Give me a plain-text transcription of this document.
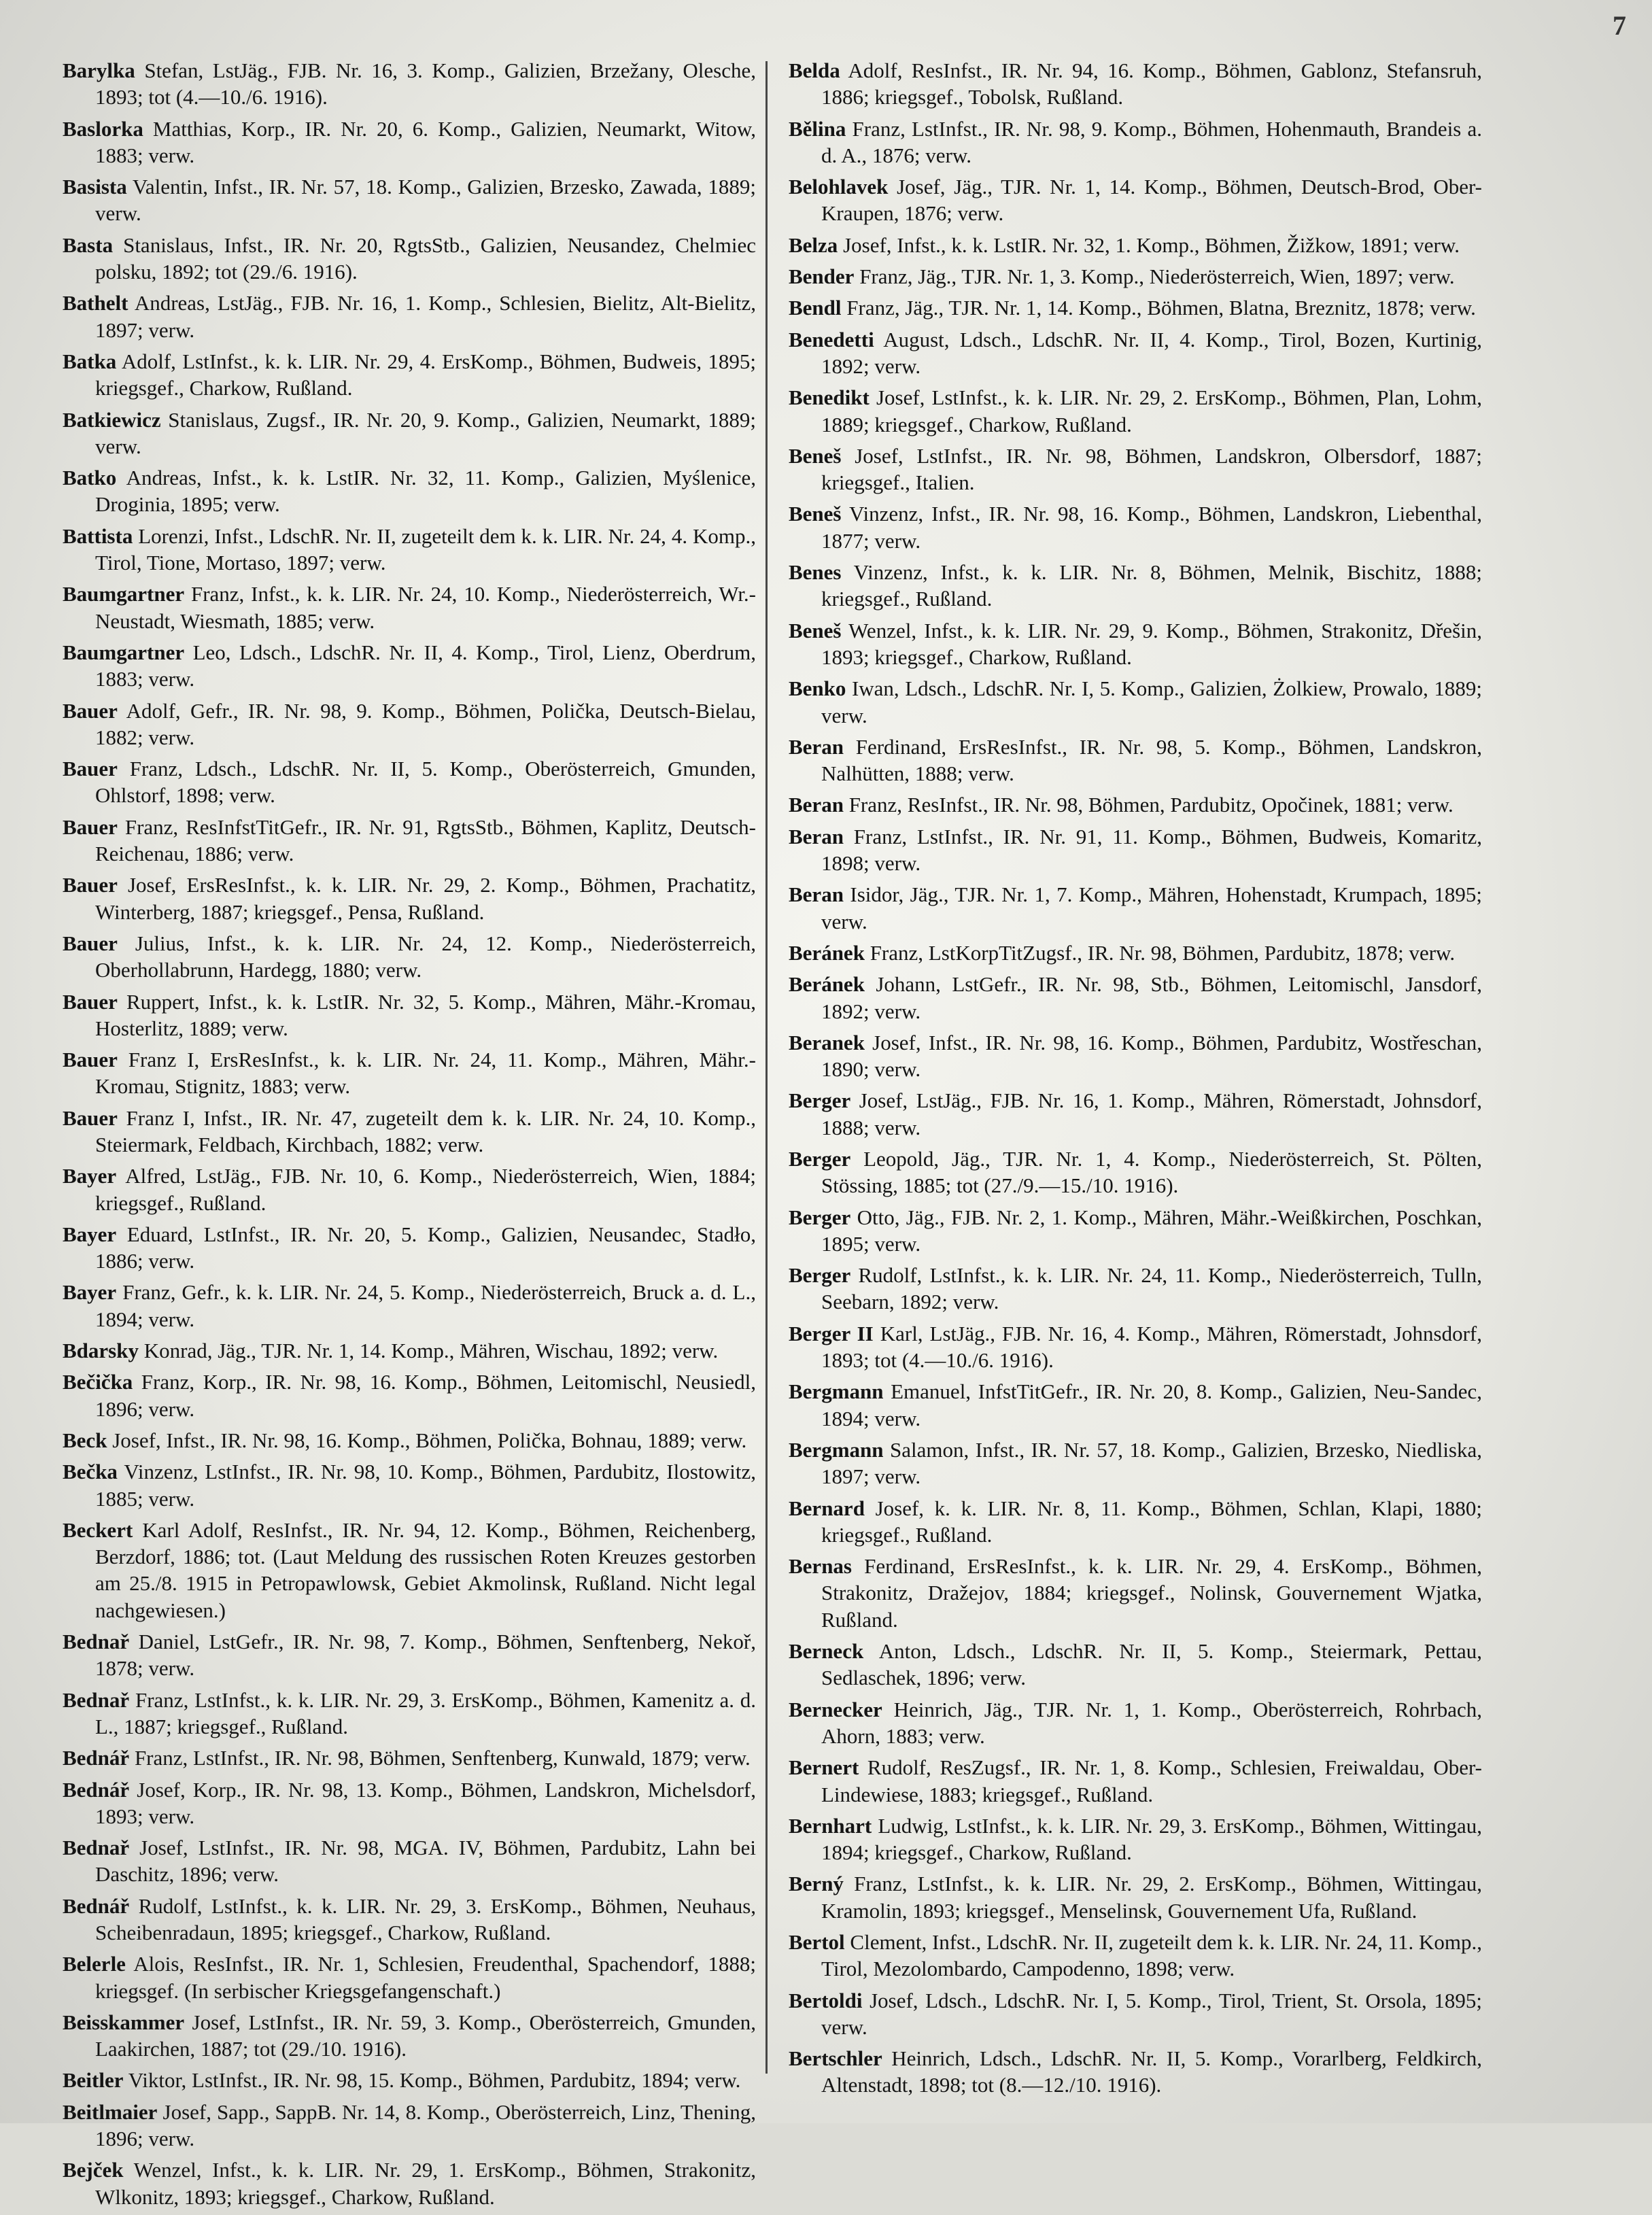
7
Barylka Stefan, LstJäg., FJB. Nr. 16, 3. Komp., Galizien, Brzežany, Olesche, 1893; tot (4.—10./6. 1916).
Baslorka Matthias, Korp., IR. Nr. 20, 6. Komp., Galizien, Neumarkt, Witow, 1883; verw.
Basista Valentin, Infst., IR. Nr. 57, 18. Komp., Galizien, Brzesko, Zawada, 1889; verw.
Basta Stanislaus, Infst., IR. Nr. 20, RgtsStb., Galizien, Neusandez, Chelmiec polsku, 1892; tot (29./6. 1916).
Bathelt Andreas, LstJäg., FJB. Nr. 16, 1. Komp., Schlesien, Bielitz, Alt-Bielitz, 1897; verw.
Batka Adolf, LstInfst., k. k. LIR. Nr. 29, 4. ErsKomp., Böhmen, Budweis, 1895; kriegsgef., Charkow, Rußland.
Batkiewicz Stanislaus, Zugsf., IR. Nr. 20, 9. Komp., Galizien, Neumarkt, 1889; verw.
Batko Andreas, Infst., k. k. LstIR. Nr. 32, 11. Komp., Galizien, Myślenice, Droginia, 1895; verw.
Battista Lorenzi, Infst., LdschR. Nr. II, zugeteilt dem k. k. LIR. Nr. 24, 4. Komp., Tirol, Tione, Mortaso, 1897; verw.
Baumgartner Franz, Infst., k. k. LIR. Nr. 24, 10. Komp., Niederösterreich, Wr.-Neustadt, Wiesmath, 1885; verw.
Baumgartner Leo, Ldsch., LdschR. Nr. II, 4. Komp., Tirol, Lienz, Oberdrum, 1883; verw.
Bauer Adolf, Gefr., IR. Nr. 98, 9. Komp., Böhmen, Polička, Deutsch-Bielau, 1882; verw.
Bauer Franz, Ldsch., LdschR. Nr. II, 5. Komp., Oberösterreich, Gmunden, Ohlstorf, 1898; verw.
Bauer Franz, ResInfstTitGefr., IR. Nr. 91, RgtsStb., Böhmen, Kaplitz, Deutsch-Reichenau, 1886; verw.
Bauer Josef, ErsResInfst., k. k. LIR. Nr. 29, 2. Komp., Böhmen, Prachatitz, Winterberg, 1887; kriegsgef., Pensa, Rußland.
Bauer Julius, Infst., k. k. LIR. Nr. 24, 12. Komp., Niederösterreich, Oberhollabrunn, Hardegg, 1880; verw.
Bauer Ruppert, Infst., k. k. LstIR. Nr. 32, 5. Komp., Mähren, Mähr.-Kromau, Hosterlitz, 1889; verw.
Bauer Franz I, ErsResInfst., k. k. LIR. Nr. 24, 11. Komp., Mähren, Mähr.-Kromau, Stignitz, 1883; verw.
Bauer Franz I, Infst., IR. Nr. 47, zugeteilt dem k. k. LIR. Nr. 24, 10. Komp., Steiermark, Feldbach, Kirchbach, 1882; verw.
Bayer Alfred, LstJäg., FJB. Nr. 10, 6. Komp., Niederösterreich, Wien, 1884; kriegsgef., Rußland.
Bayer Eduard, LstInfst., IR. Nr. 20, 5. Komp., Galizien, Neusandec, Stadło, 1886; verw.
Bayer Franz, Gefr., k. k. LIR. Nr. 24, 5. Komp., Niederösterreich, Bruck a. d. L., 1894; verw.
Bdarsky Konrad, Jäg., TJR. Nr. 1, 14. Komp., Mähren, Wischau, 1892; verw.
Bečička Franz, Korp., IR. Nr. 98, 16. Komp., Böhmen, Leitomischl, Neusiedl, 1896; verw.
Beck Josef, Infst., IR. Nr. 98, 16. Komp., Böhmen, Polička, Bohnau, 1889; verw.
Bečka Vinzenz, LstInfst., IR. Nr. 98, 10. Komp., Böhmen, Pardubitz, Ilostowitz, 1885; verw.
Beckert Karl Adolf, ResInfst., IR. Nr. 94, 12. Komp., Böhmen, Reichenberg, Berzdorf, 1886; tot. (Laut Meldung des russischen Roten Kreuzes gestorben am 25./8. 1915 in Petropawlowsk, Gebiet Akmolinsk, Rußland. Nicht legal nachgewiesen.)
Bednař Daniel, LstGefr., IR. Nr. 98, 7. Komp., Böhmen, Senftenberg, Nekoř, 1878; verw.
Bednař Franz, LstInfst., k. k. LIR. Nr. 29, 3. ErsKomp., Böhmen, Kamenitz a. d. L., 1887; kriegsgef., Rußland.
Bednář Franz, LstInfst., IR. Nr. 98, Böhmen, Senftenberg, Kunwald, 1879; verw.
Bednář Josef, Korp., IR. Nr. 98, 13. Komp., Böhmen, Landskron, Michelsdorf, 1893; verw.
Bednař Josef, LstInfst., IR. Nr. 98, MGA. IV, Böhmen, Pardubitz, Lahn bei Daschitz, 1896; verw.
Bednář Rudolf, LstInfst., k. k. LIR. Nr. 29, 3. ErsKomp., Böhmen, Neuhaus, Scheibenradaun, 1895; kriegsgef., Charkow, Rußland.
Belerle Alois, ResInfst., IR. Nr. 1, Schlesien, Freudenthal, Spachendorf, 1888; kriegsgef. (In serbischer Kriegsgefangenschaft.)
Beisskammer Josef, LstInfst., IR. Nr. 59, 3. Komp., Oberösterreich, Gmunden, Laakirchen, 1887; tot (29./10. 1916).
Beitler Viktor, LstInfst., IR. Nr. 98, 15. Komp., Böhmen, Pardubitz, 1894; verw.
Beitlmaier Josef, Sapp., SappB. Nr. 14, 8. Komp., Oberösterreich, Linz, Thening, 1896; verw.
Bejček Wenzel, Infst., k. k. LIR. Nr. 29, 1. ErsKomp., Böhmen, Strakonitz, Wlkonitz, 1893; kriegsgef., Charkow, Rußland.
Belda Adolf, ResInfst., IR. Nr. 94, 16. Komp., Böhmen, Gablonz, Stefansruh, 1886; kriegsgef., Tobolsk, Rußland.
Bělina Franz, LstInfst., IR. Nr. 98, 9. Komp., Böhmen, Hohenmauth, Brandeis a. d. A., 1876; verw.
Belohlavek Josef, Jäg., TJR. Nr. 1, 14. Komp., Böhmen, Deutsch-Brod, Ober-Kraupen, 1876; verw.
Belza Josef, Infst., k. k. LstIR. Nr. 32, 1. Komp., Böhmen, Žižkow, 1891; verw.
Bender Franz, Jäg., TJR. Nr. 1, 3. Komp., Niederösterreich, Wien, 1897; verw.
Bendl Franz, Jäg., TJR. Nr. 1, 14. Komp., Böhmen, Blatna, Breznitz, 1878; verw.
Benedetti August, Ldsch., LdschR. Nr. II, 4. Komp., Tirol, Bozen, Kurtinig, 1892; verw.
Benedikt Josef, LstInfst., k. k. LIR. Nr. 29, 2. ErsKomp., Böhmen, Plan, Lohm, 1889; kriegsgef., Charkow, Rußland.
Beneš Josef, LstInfst., IR. Nr. 98, Böhmen, Landskron, Olbersdorf, 1887; kriegsgef., Italien.
Beneš Vinzenz, Infst., IR. Nr. 98, 16. Komp., Böhmen, Landskron, Liebenthal, 1877; verw.
Benes Vinzenz, Infst., k. k. LIR. Nr. 8, Böhmen, Melnik, Bischitz, 1888; kriegsgef., Rußland.
Beneš Wenzel, Infst., k. k. LIR. Nr. 29, 9. Komp., Böhmen, Strakonitz, Dřešin, 1893; kriegsgef., Charkow, Rußland.
Benko Iwan, Ldsch., LdschR. Nr. I, 5. Komp., Galizien, Żolkiew, Prowalo, 1889; verw.
Beran Ferdinand, ErsResInfst., IR. Nr. 98, 5. Komp., Böhmen, Landskron, Nalhütten, 1888; verw.
Beran Franz, ResInfst., IR. Nr. 98, Böhmen, Pardubitz, Opočinek, 1881; verw.
Beran Franz, LstInfst., IR. Nr. 91, 11. Komp., Böhmen, Budweis, Komaritz, 1898; verw.
Beran Isidor, Jäg., TJR. Nr. 1, 7. Komp., Mähren, Hohenstadt, Krumpach, 1895; verw.
Beránek Franz, LstKorpTitZugsf., IR. Nr. 98, Böhmen, Pardubitz, 1878; verw.
Beránek Johann, LstGefr., IR. Nr. 98, Stb., Böhmen, Leitomischl, Jansdorf, 1892; verw.
Beranek Josef, Infst., IR. Nr. 98, 16. Komp., Böhmen, Pardubitz, Wostřeschan, 1890; verw.
Berger Josef, LstJäg., FJB. Nr. 16, 1. Komp., Mähren, Römerstadt, Johnsdorf, 1888; verw.
Berger Leopold, Jäg., TJR. Nr. 1, 4. Komp., Niederösterreich, St. Pölten, Stössing, 1885; tot (27./9.—15./10. 1916).
Berger Otto, Jäg., FJB. Nr. 2, 1. Komp., Mähren, Mähr.-Weißkirchen, Poschkan, 1895; verw.
Berger Rudolf, LstInfst., k. k. LIR. Nr. 24, 11. Komp., Niederösterreich, Tulln, Seebarn, 1892; verw.
Berger II Karl, LstJäg., FJB. Nr. 16, 4. Komp., Mähren, Römerstadt, Johnsdorf, 1893; tot (4.—10./6. 1916).
Bergmann Emanuel, InfstTitGefr., IR. Nr. 20, 8. Komp., Galizien, Neu-Sandec, 1894; verw.
Bergmann Salamon, Infst., IR. Nr. 57, 18. Komp., Galizien, Brzesko, Niedliska, 1897; verw.
Bernard Josef, k. k. LIR. Nr. 8, 11. Komp., Böhmen, Schlan, Klapi, 1880; kriegsgef., Rußland.
Bernas Ferdinand, ErsResInfst., k. k. LIR. Nr. 29, 4. ErsKomp., Böhmen, Strakonitz, Dražejov, 1884; kriegsgef., Nolinsk, Gouvernement Wjatka, Rußland.
Berneck Anton, Ldsch., LdschR. Nr. II, 5. Komp., Steiermark, Pettau, Sedlaschek, 1896; verw.
Bernecker Heinrich, Jäg., TJR. Nr. 1, 1. Komp., Oberösterreich, Rohrbach, Ahorn, 1883; verw.
Bernert Rudolf, ResZugsf., IR. Nr. 1, 8. Komp., Schlesien, Freiwaldau, Ober-Lindewiese, 1883; kriegsgef., Rußland.
Bernhart Ludwig, LstInfst., k. k. LIR. Nr. 29, 3. ErsKomp., Böhmen, Wittingau, 1894; kriegsgef., Charkow, Rußland.
Berný Franz, LstInfst., k. k. LIR. Nr. 29, 2. ErsKomp., Böhmen, Wittingau, Kramolin, 1893; kriegsgef., Menselinsk, Gouvernement Ufa, Rußland.
Bertol Clement, Infst., LdschR. Nr. II, zugeteilt dem k. k. LIR. Nr. 24, 11. Komp., Tirol, Mezolombardo, Campodenno, 1898; verw.
Bertoldi Josef, Ldsch., LdschR. Nr. I, 5. Komp., Tirol, Trient, St. Orsola, 1895; verw.
Bertschler Heinrich, Ldsch., LdschR. Nr. II, 5. Komp., Vorarlberg, Feldkirch, Altenstadt, 1898; tot (8.—12./10. 1916).
